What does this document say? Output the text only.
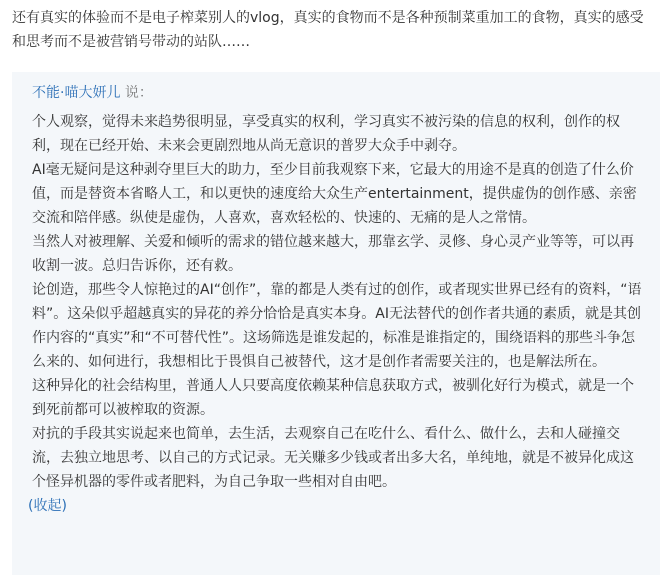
还有真实的体验而不是电子榨菜别人的vlog，真实的食物而不是各种预制菜重加工的食物，真实的感受和思考而不是被营销号带动的站队……

不能·喵大妍儿 说：

个人观察，觉得未来趋势很明显，享受真实的权利，学习真实不被污染的信息的权利，创作的权利，现在已经开始、未来会更剧烈地从尚无意识的普罗大众手中剥夺。

AI毫无疑问是这种剥夺里巨大的助力，至少目前我观察下来，它最大的用途不是真的创造了什么价值，而是替资本省略人工，和以更快的速度给大众生产entertainment，提供虚伪的创作感、亲密交流和陪伴感。纵使是虚伪，人喜欢，喜欢轻松的、快速的、无痛的是人之常情。

当然人对被理解、关爱和倾听的需求的错位越来越大，那靠玄学、灵修、身心灵产业等等，可以再收割一波。总归告诉你，还有救。

论创造，那些令人惊艳过的AI“创作”，靠的都是人类有过的创作，或者现实世界已经有的资料，“语料”。这朵似乎超越真实的异花的养分恰恰是真实本身。AI无法替代的创作者共通的素质，就是其创作内容的“真实”和“不可替代性”。这场筛选是谁发起的，标准是谁指定的，围绕语料的那些斗争怎么来的、如何进行，我想相比于畏惧自己被替代，这才是创作者需要关注的，也是解法所在。

这种异化的社会结构里，普通人人只要高度依赖某种信息获取方式，被驯化好行为模式，就是一个到死前都可以被榨取的资源。

对抗的手段其实说起来也简单，去生活，去观察自己在吃什么、看什么、做什么，去和人碰撞交流，去独立地思考、以自己的方式记录。无关赚多少钱或者出多大名，单纯地，就是不被异化成这个怪异机器的零件或者肥料，为自己争取一些相对自由吧。

(收起)
